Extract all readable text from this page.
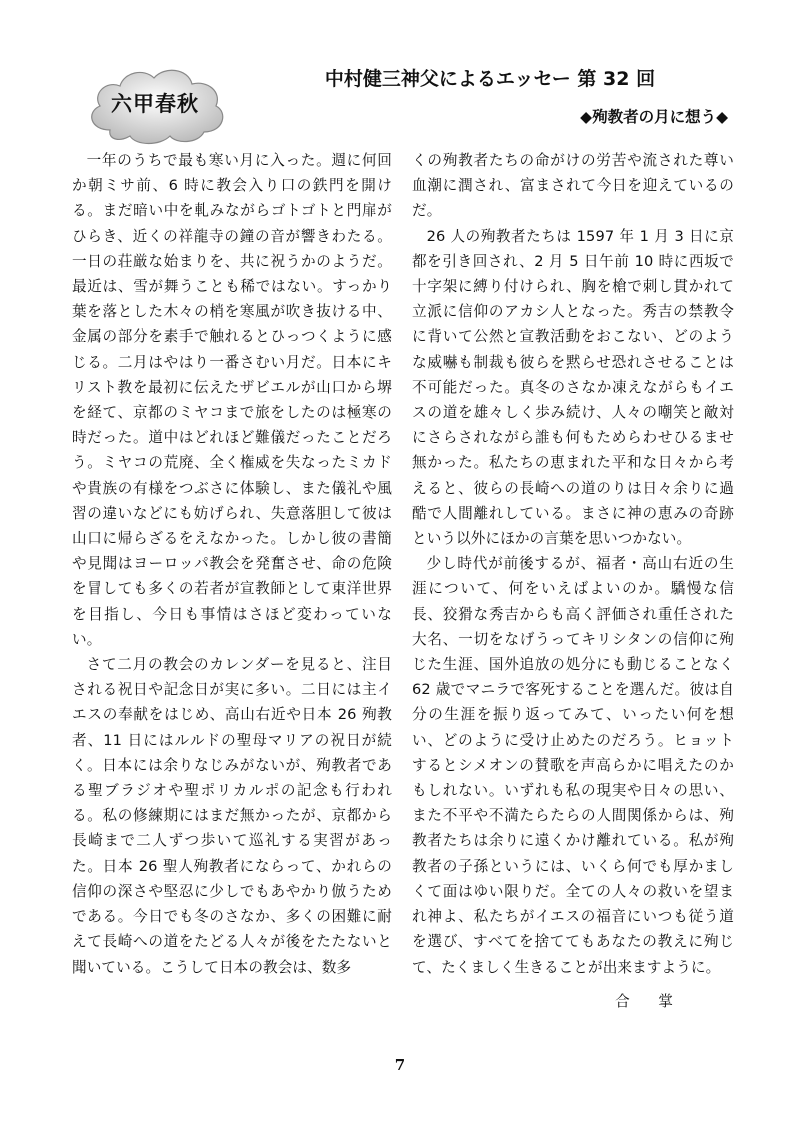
六甲春秋
中村健三神父によるエッセー 第 32 回
◆殉教者の月に想う◆

一年のうちで最も寒い月に入った。週に何回か朝ミサ前、6 時に教会入り口の鉄門を開ける。まだ暗い中を軋みながらゴトゴトと門扉がひらき、近くの祥龍寺の鐘の音が響きわたる。一日の荘厳な始まりを、共に祝うかのようだ。最近は、雪が舞うことも稀ではない。すっかり葉を落とした木々の梢を寒風が吹き抜ける中、金属の部分を素手で触れるとひっつくように感じる。二月はやはり一番さむい月だ。日本にキリスト教を最初に伝えたザビエルが山口から堺を経て、京都のミヤコまで旅をしたのは極寒の時だった。道中はどれほど難儀だったことだろう。ミヤコの荒廃、全く権威を失なったミカドや貴族の有様をつぶさに体験し、また儀礼や風習の違いなどにも妨げられ、失意落胆して彼は山口に帰らざるをえなかった。しかし彼の書簡や見聞はヨーロッパ教会を発奮させ、命の危険を冒しても多くの若者が宣教師として東洋世界を目指し、今日も事情はさほど変わっていない。

さて二月の教会のカレンダーを見ると、注目される祝日や記念日が実に多い。二日には主イエスの奉献をはじめ、高山右近や日本 26 殉教者、11 日にはルルドの聖母マリアの祝日が続く。日本には余りなじみがないが、殉教者である聖ブラジオや聖ポリカルポの記念も行われる。私の修練期にはまだ無かったが、京都から長崎まで二人ずつ歩いて巡礼する実習があった。日本 26 聖人殉教者にならって、かれらの信仰の深さや堅忍に少しでもあやかり倣うためである。今日でも冬のさなか、多くの困難に耐えて長崎への道をたどる人々が後をたたないと聞いている。こうして日本の教会は、数多

くの殉教者たちの命がけの労苦や流された尊い血潮に潤され、富まされて今日を迎えているのだ。

26 人の殉教者たちは 1597 年 1 月 3 日に京都を引き回され、2 月 5 日午前 10 時に西坂で十字架に縛り付けられ、胸を槍で刺し貫かれて立派に信仰のアカシ人となった。秀吉の禁教令に背いて公然と宣教活動をおこない、どのような威嚇も制裁も彼らを黙らせ恐れさせることは不可能だった。真冬のさなか凍えながらもイエスの道を雄々しく歩み続け、人々の嘲笑と敵対にさらされながら誰も何もためらわせひるませ無かった。私たちの恵まれた平和な日々から考えると、彼らの長崎への道のりは日々余りに過酷で人間離れしている。まさに神の恵みの奇跡という以外にほかの言葉を思いつかない。

少し時代が前後するが、福者・高山右近の生涯について、何をいえばよいのか。驕慢な信長、狡猾な秀吉からも高く評価され重任された大名、一切をなげうってキリシタンの信仰に殉じた生涯、国外追放の処分にも動じることなく 62 歳でマニラで客死することを選んだ。彼は自分の生涯を振り返ってみて、いったい何を想い、どのように受け止めたのだろう。ヒョットするとシメオンの賛歌を声高らかに唱えたのかもしれない。いずれも私の現実や日々の思い、また不平や不満たらたらの人間関係からは、殉教者たちは余りに遠くかけ離れている。私が殉教者の子孫というには、いくら何でも厚かましくて面はゆい限りだ。全ての人々の救いを望まれ神よ、私たちがイエスの福音にいつも従う道を選び、すべてを捨ててもあなたの教えに殉じて、たくましく生きることが出来ますように。

合 掌
7
